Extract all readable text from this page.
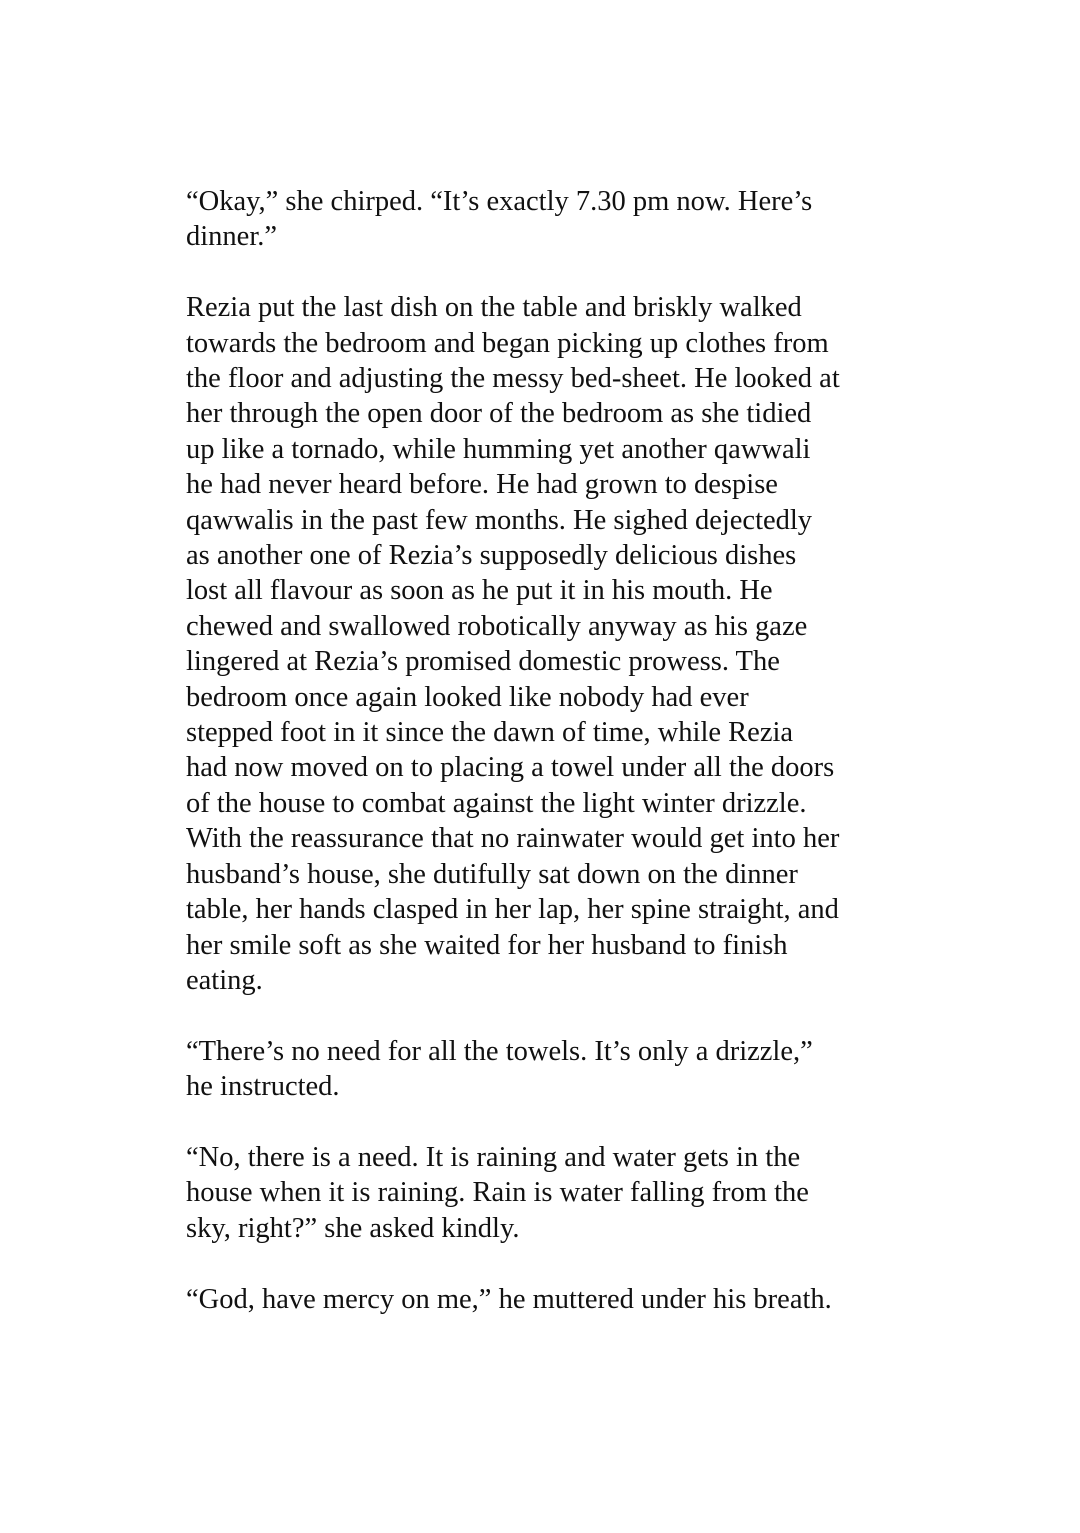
“Okay,” she chirped. “It’s exactly 7.30 pm now. Here’s
dinner.”

Rezia put the last dish on the table and briskly walked
towards the bedroom and began picking up clothes from
the floor and adjusting the messy bed-sheet. He looked at
her through the open door of the bedroom as she tidied
up like a tornado, while humming yet another qawwali
he had never heard before. He had grown to despise
qawwalis in the past few months. He sighed dejectedly
as another one of Rezia’s supposedly delicious dishes
lost all flavour as soon as he put it in his mouth. He
chewed and swallowed robotically anyway as his gaze
lingered at Rezia’s promised domestic prowess. The
bedroom once again looked like nobody had ever
stepped foot in it since the dawn of time, while Rezia
had now moved on to placing a towel under all the doors
of the house to combat against the light winter drizzle.
With the reassurance that no rainwater would get into her
husband’s house, she dutifully sat down on the dinner
table, her hands clasped in her lap, her spine straight, and
her smile soft as she waited for her husband to finish
eating.

“There’s no need for all the towels. It’s only a drizzle,”
he instructed.

“No, there is a need. It is raining and water gets in the
house when it is raining. Rain is water falling from the
sky, right?” she asked kindly.

“God, have mercy on me,” he muttered under his breath.
